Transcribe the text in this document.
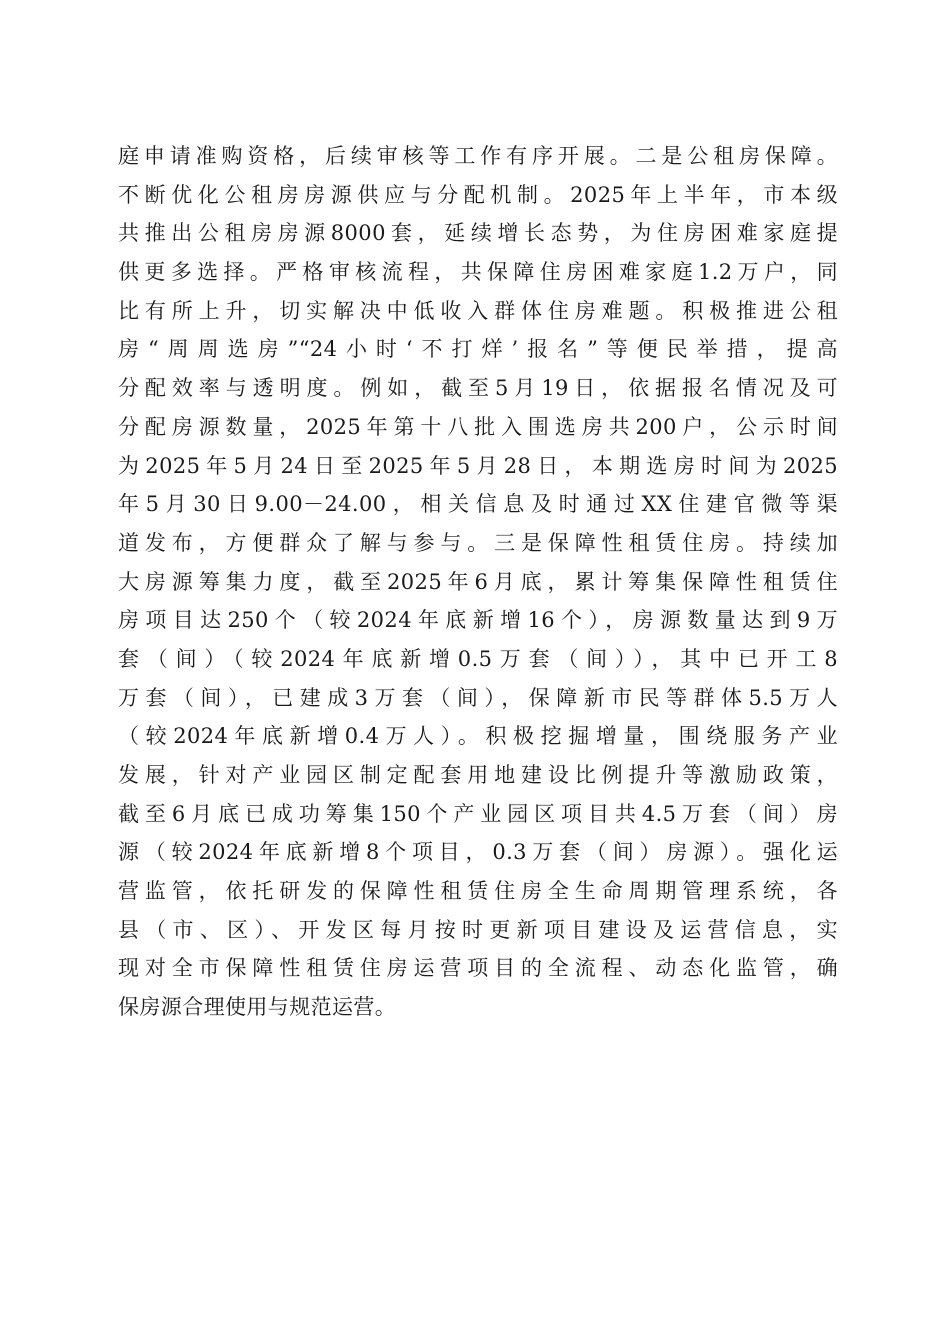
庭申请准购资格，后续审核等工作有序开展。二是公租房保障。
不断优化公租房房源供应与分配机制。2025年上半年，市本级
共推出公租房房源8000套，延续增长态势，为住房困难家庭提
供更多选择。严格审核流程，共保障住房困难家庭1.2万户，同
比有所上升，切实解决中低收入群体住房难题。积极推进公租
房“周周选房”“24小时‘不打烊’报名”等便民举措，提高
分配效率与透明度。例如，截至5月19日，依据报名情况及可
分配房源数量，2025年第十八批入围选房共200户，公示时间
为2025年5月24日至2025年5月28日，本期选房时间为2025
年5月30日9.00－24.00，相关信息及时通过XX住建官微等渠
道发布，方便群众了解与参与。三是保障性租赁住房。持续加
大房源筹集力度，截至2025年6月底，累计筹集保障性租赁住
房项目达250个（较2024年底新增16个），房源数量达到9万
套（间）（较2024年底新增0.5万套（间）），其中已开工8
万套（间），已建成3万套（间），保障新市民等群体5.5万人
（较2024年底新增0.4万人）。积极挖掘增量，围绕服务产业
发展，针对产业园区制定配套用地建设比例提升等激励政策，
截至6月底已成功筹集150个产业园区项目共4.5万套（间）房
源（较2024年底新增8个项目，0.3万套（间）房源）。强化运
营监管，依托研发的保障性租赁住房全生命周期管理系统，各
县（市、区）、开发区每月按时更新项目建设及运营信息，实
现对全市保障性租赁住房运营项目的全流程、动态化监管，确
保房源合理使用与规范运营。
